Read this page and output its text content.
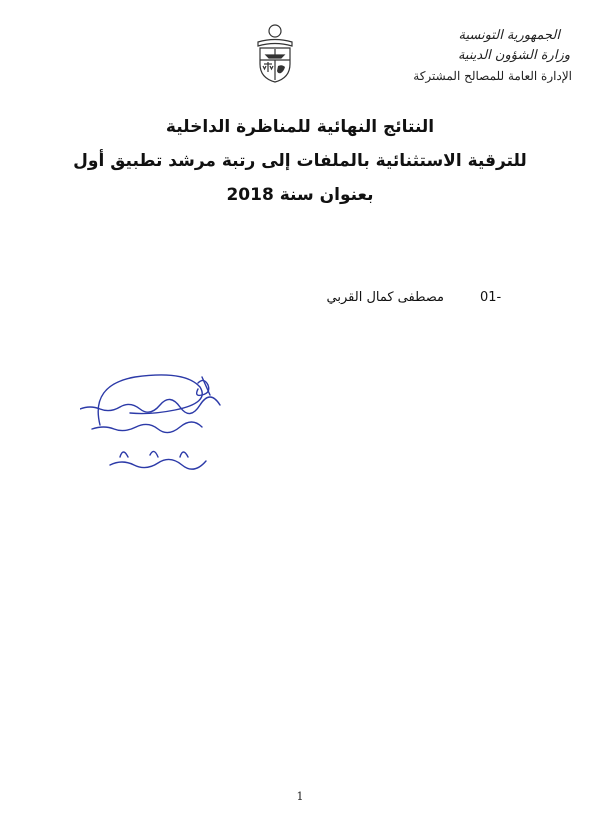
الجمهورية التونسية
وزارة الشؤون الدينية
الإدارة العامة للمصالح المشتركة
النتائج النهائية للمناظرة الداخلية
للترقية الاستثنائية بالملفات إلى رتبة مرشد تطبيق أول
بعنوان سنة 2018
مصطفى كمال القربي	01-
1
